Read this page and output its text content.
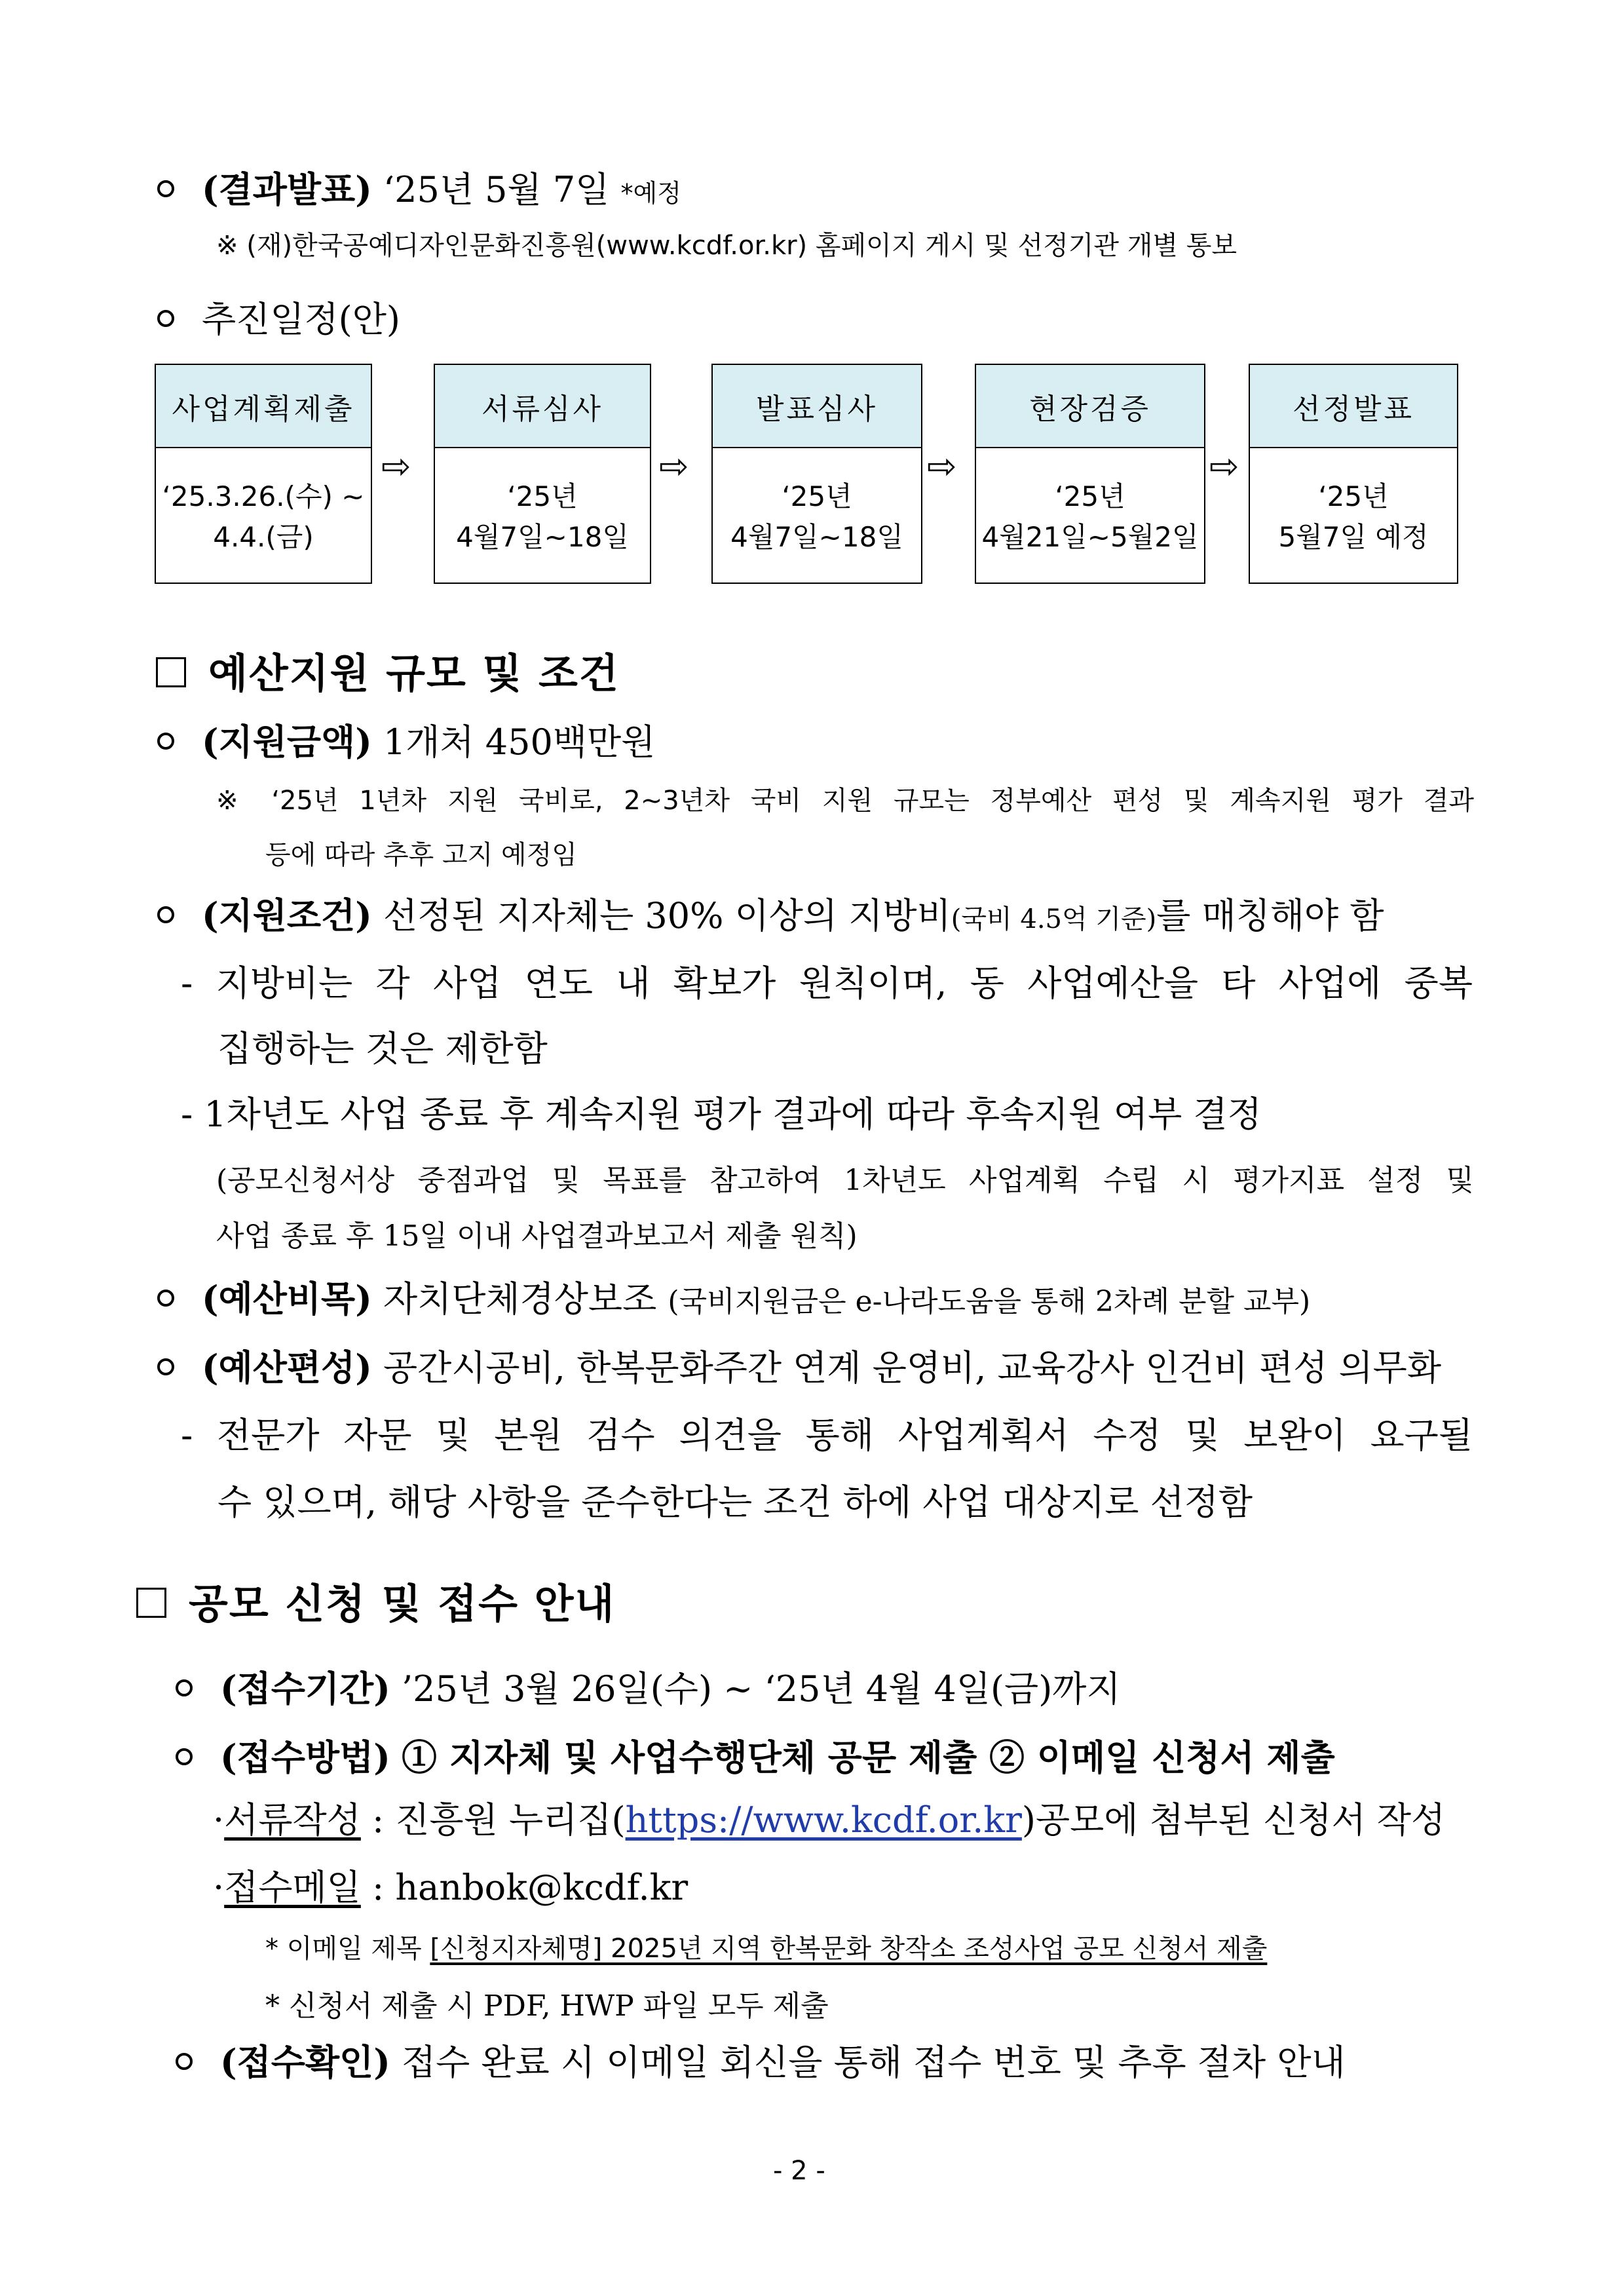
(결과발표) ‘25년 5월 7일 *예정
※ (재)한국공예디자인문화진흥원(www.kcdf.or.kr) 홈페이지 게시 및 선정기관 개별 통보
추진일정(안)
사업계획제출
‘25.3.26.(수) ~
4.4.(금)
⇨
서류심사
‘25년
4월7일~18일
⇨
발표심사
‘25년
4월7일~18일
⇨
현장검증
‘25년
4월21일~5월2일
⇨
선정발표
‘25년
5월7일 예정
예산지원 규모 및 조건
(지원금액) 1개처 450백만원
※ ‘25년 1년차 지원 국비로, 2~3년차 국비 지원 규모는 정부예산 편성 및 계속지원 평가 결과
등에 따라 추후 고지 예정임
(지원조건) 선정된 지자체는 30% 이상의 지방비(국비 4.5억 기준)를 매칭해야 함
- 지방비는 각 사업 연도 내 확보가 원칙이며, 동 사업예산을 타 사업에 중복
집행하는 것은 제한함
- 1차년도 사업 종료 후 계속지원 평가 결과에 따라 후속지원 여부 결정
(공모신청서상 중점과업 및 목표를 참고하여 1차년도 사업계획 수립 시 평가지표 설정 및
사업 종료 후 15일 이내 사업결과보고서 제출 원칙)
(예산비목) 자치단체경상보조 (국비지원금은 e-나라도움을 통해 2차례 분할 교부)
(예산편성) 공간시공비, 한복문화주간 연계 운영비, 교육강사 인건비 편성 의무화
- 전문가 자문 및 본원 검수 의견을 통해 사업계획서 수정 및 보완이 요구될
수 있으며, 해당 사항을 준수한다는 조건 하에 사업 대상지로 선정함
공모 신청 및 접수 안내
(접수기간) ’25년 3월 26일(수) ~ ‘25년 4월 4일(금)까지
(접수방법) ① 지자체 및 사업수행단체 공문 제출 ② 이메일 신청서 제출
·서류작성 : 진흥원 누리집(https://www.kcdf.or.kr)공모에 첨부된 신청서 작성
·접수메일 : hanbok@kcdf.kr
* 이메일 제목 [신청지자체명] 2025년 지역 한복문화 창작소 조성사업 공모 신청서 제출
* 신청서 제출 시 PDF, HWP 파일 모두 제출
(접수확인) 접수 완료 시 이메일 회신을 통해 접수 번호 및 추후 절차 안내
- 2 -
